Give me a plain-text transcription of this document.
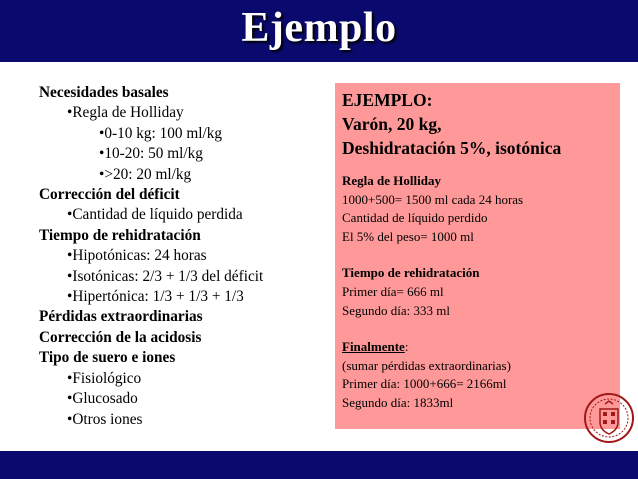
Ejemplo
Necesidades basales
•Regla de Holliday
•0-10 kg: 100 ml/kg
•10-20: 50 ml/kg
•>20: 20 ml/kg
Corrección del déficit
•Cantidad de líquido perdida
Tiempo de rehidratación
•Hipotónicas: 24 horas
•Isotónicas: 2/3 + 1/3 del déficit
•Hipertónica: 1/3 + 1/3 + 1/3
Pérdidas extraordinarias
Corrección de la acidosis
Tipo de suero e iones
•Fisiológico
•Glucosado
•Otros iones
EJEMPLO:
Varón, 20 kg,
Deshidratación 5%, isotónica
Regla de Holliday
1000+500= 1500 ml cada 24 horas
Cantidad de líquido perdido
El 5% del peso= 1000 ml
Tiempo de rehidratación
Primer día= 666 ml
Segundo día: 333 ml
Finalmente:
(sumar pérdidas extraordinarias)
Primer día: 1000+666= 2166ml
Segundo día: 1833ml
